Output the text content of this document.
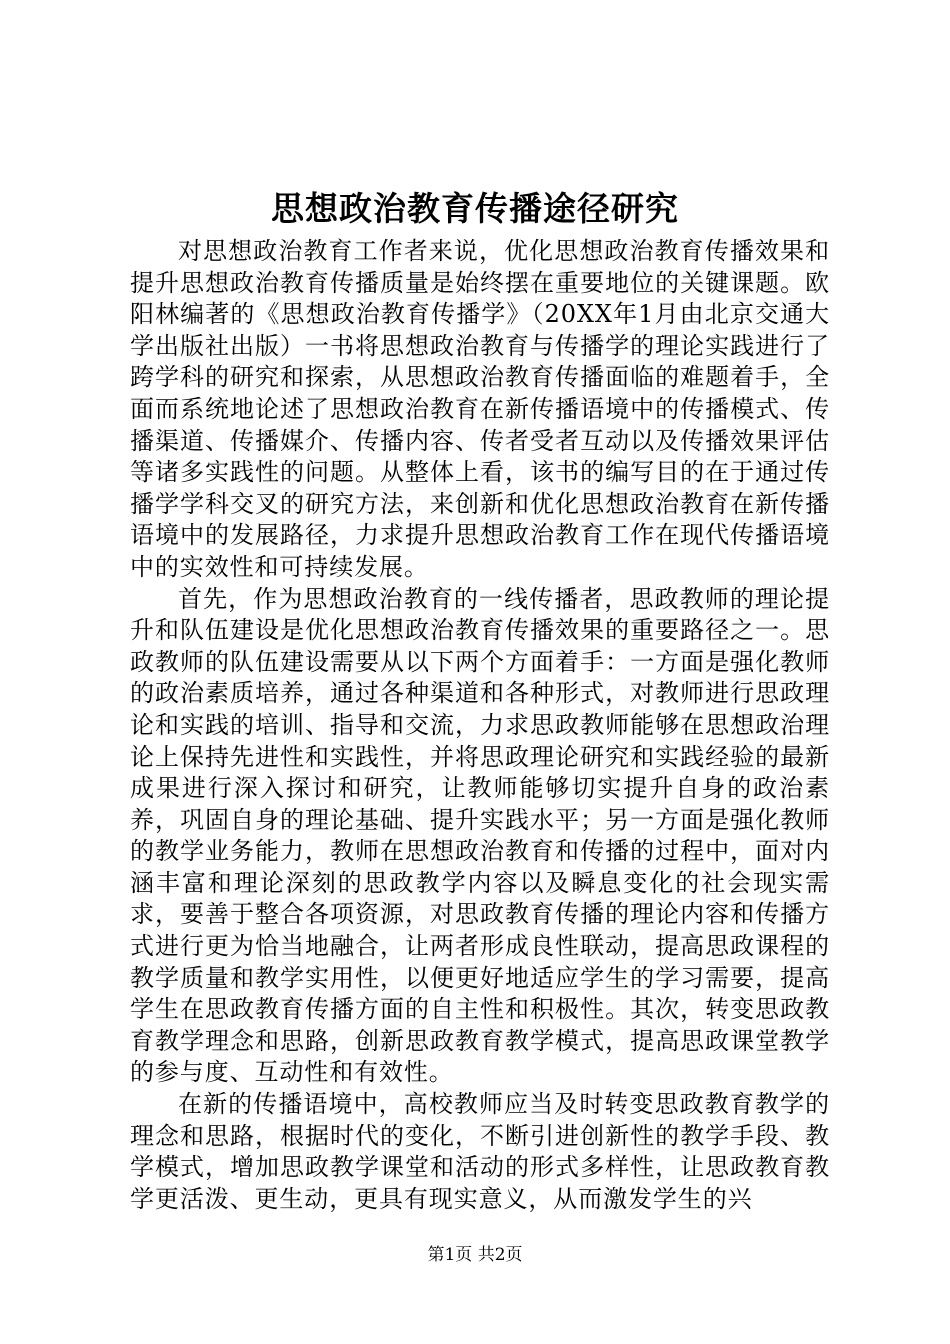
思想政治教育传播途径研究

对思想政治教育工作者来说，优化思想政治教育传播效果和提升思想政治教育传播质量是始终摆在重要地位的关键课题。欧阳林编著的《思想政治教育传播学》（20XX年1月由北京交通大学出版社出版）一书将思想政治教育与传播学的理论实践进行了跨学科的研究和探索，从思想政治教育传播面临的难题着手，全面而系统地论述了思想政治教育在新传播语境中的传播模式、传播渠道、传播媒介、传播内容、传者受者互动以及传播效果评估等诸多实践性的问题。从整体上看，该书的编写目的在于通过传播学学科交叉的研究方法，来创新和优化思想政治教育在新传播语境中的发展路径，力求提升思想政治教育工作在现代传播语境中的实效性和可持续发展。

首先，作为思想政治教育的一线传播者，思政教师的理论提升和队伍建设是优化思想政治教育传播效果的重要路径之一。思政教师的队伍建设需要从以下两个方面着手：一方面是强化教师的政治素质培养，通过各种渠道和各种形式，对教师进行思政理论和实践的培训、指导和交流，力求思政教师能够在思想政治理论上保持先进性和实践性，并将思政理论研究和实践经验的最新成果进行深入探讨和研究，让教师能够切实提升自身的政治素养，巩固自身的理论基础、提升实践水平；另一方面是强化教师的教学业务能力，教师在思想政治教育和传播的过程中，面对内涵丰富和理论深刻的思政教学内容以及瞬息变化的社会现实需求，要善于整合各项资源，对思政教育传播的理论内容和传播方式进行更为恰当地融合，让两者形成良性联动，提高思政课程的教学质量和教学实用性，以便更好地适应学生的学习需要，提高学生在思政教育传播方面的自主性和积极性。其次，转变思政教育教学理念和思路，创新思政教育教学模式，提高思政课堂教学的参与度、互动性和有效性。

在新的传播语境中，高校教师应当及时转变思政教育教学的理念和思路，根据时代的变化，不断引进创新性的教学手段、教学模式，增加思政教学课堂和活动的形式多样性，让思政教育教学更活泼、更生动，更具有现实意义，从而激发学生的兴

第1页 共2页
